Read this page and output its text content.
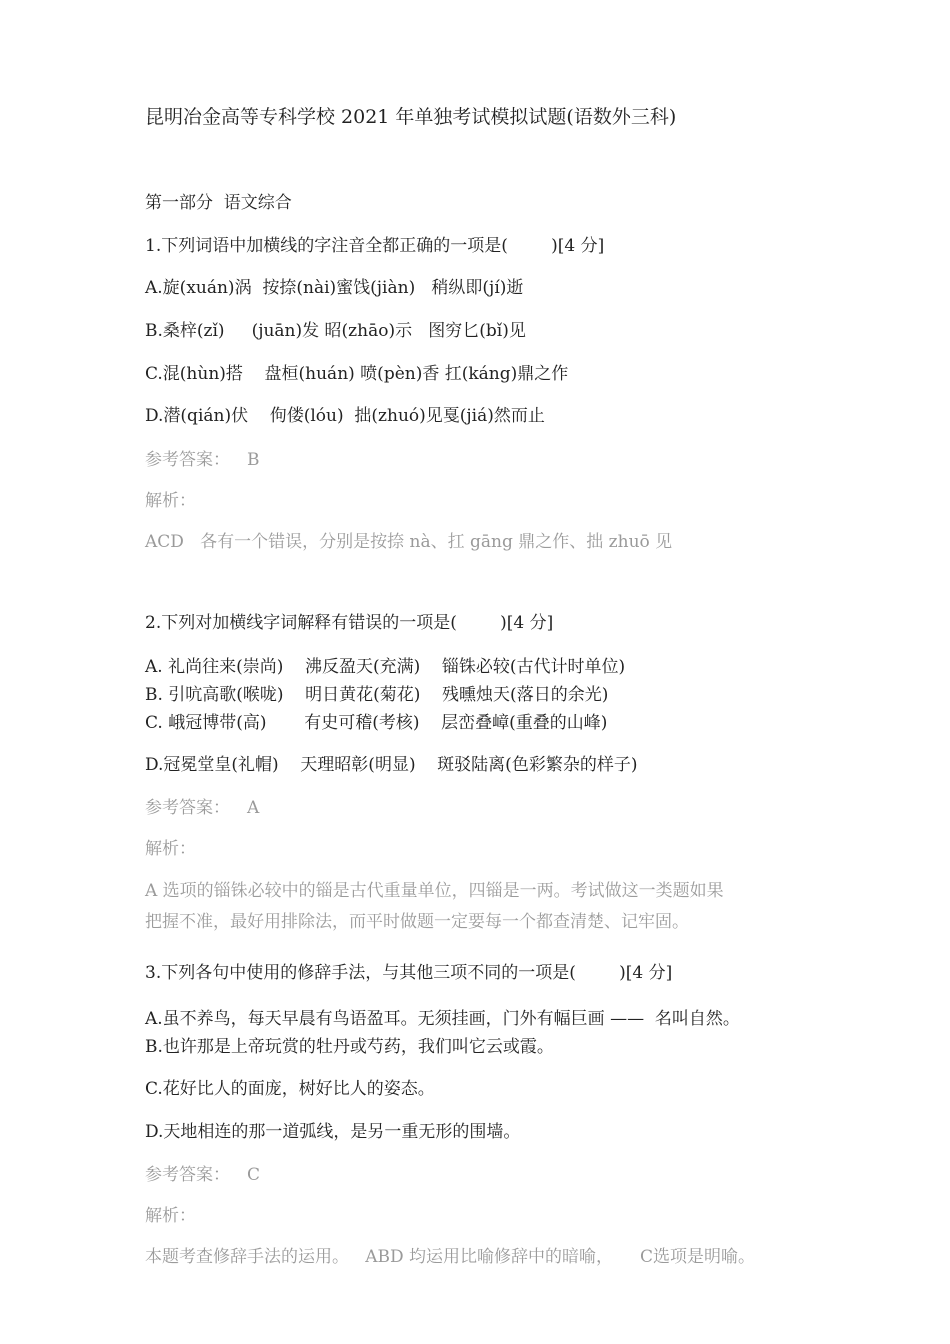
昆明冶金高等专科学校 2021 年单独考试模拟试题(语数外三科)
第一部分  语文综合
1.下列词语中加横线的字注音全都正确的一项是(        )[4 分]
A.旋(xuán)涡  按捺(nài)蜜饯(jiàn)   稍纵即(jí)逝
B.桑梓(zǐ)     (juān)发 昭(zhāo)示   图穷匕(bǐ)见
C.混(hùn)搭    盘桓(huán) 喷(pèn)香 扛(káng)鼎之作
D.潜(qián)伏    佝偻(lóu)  拙(zhuó)见戛(jiá)然而止
参考答案： B
解析：
ACD   各有一个错误，分别是按捺 nà、扛 gāng 鼎之作、拙 zhuō 见
2.下列对加横线字词解释有错误的一项是(        )[4 分]
A. 礼尚往来(崇尚)    沸反盈天(充满)    锱铢必较(古代计时单位)
B. 引吭高歌(喉咙)    明日黄花(菊花)    残曛烛天(落日的余光)
C. 峨冠博带(高)       有史可稽(考核)    层峦叠嶂(重叠的山峰)
D.冠冕堂皇(礼帽)    天理昭彰(明显)    斑驳陆离(色彩繁杂的样子)
参考答案： A
解析：
A 选项的锱铢必较中的锱是古代重量单位，四锱是一两。考试做这一类题如果
把握不准，最好用排除法，而平时做题一定要每一个都查清楚、记牢固。
3.下列各句中使用的修辞手法，与其他三项不同的一项是(        )[4 分]
A.虽不养鸟，每天早晨有鸟语盈耳。无须挂画，门外有幅巨画 ——  名叫自然。
B.也许那是上帝玩赏的牡丹或芍药，我们叫它云或霞。
C.花好比人的面庞，树好比人的姿态。
D.天地相连的那一道弧线，是另一重无形的围墙。
参考答案： C
解析：
本题考查修辞手法的运用。   ABD 均运用比喻修辞中的暗喻，     C选项是明喻。
